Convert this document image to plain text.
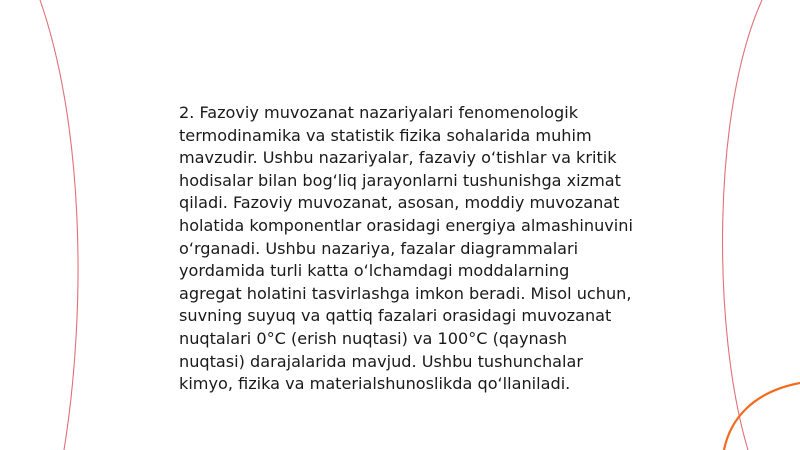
2. Fazoviy muvozanat nazariyalari fenomenologik termodinamika va statistik fizika sohalarida muhim mavzudir. Ushbu nazariyalar, fazaviy o‘tishlar va kritik hodisalar bilan bog‘liq jarayonlarni tushunishga xizmat qiladi. Fazoviy muvozanat, asosan, moddiy muvozanat holatida komponentlar orasidagi energiya almashinuvini o‘rganadi. Ushbu nazariya, fazalar diagrammalari yordamida turli katta o‘lchamdagi moddalarning agregat holatini tasvirlashga imkon beradi. Misol uchun, suvning suyuq va qattiq fazalari orasidagi muvozanat nuqtalari 0°C (erish nuqtasi) va 100°C (qaynash nuqtasi) darajalarida mavjud. Ushbu tushunchalar kimyo, fizika va materialshunoslikda qo‘llaniladi.
